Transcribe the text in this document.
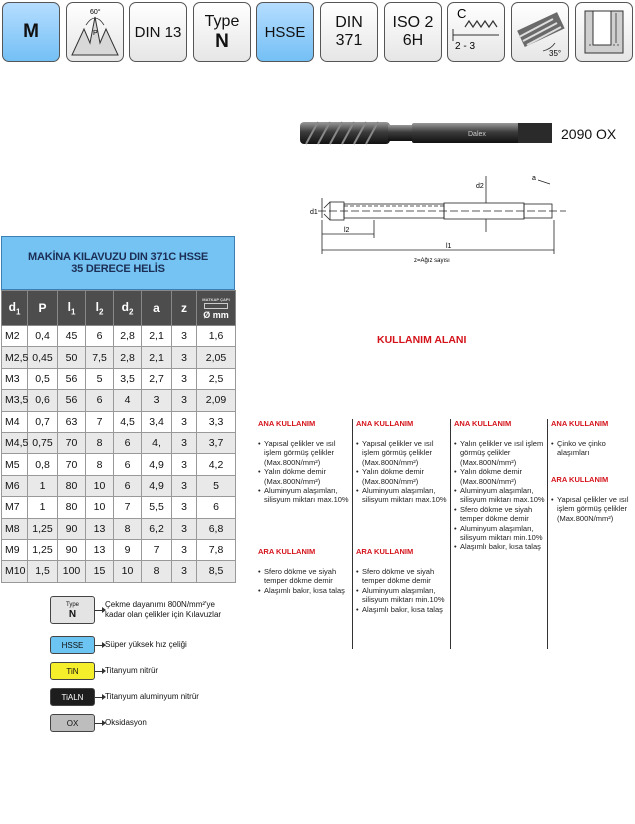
M
60°
P DIN 13
Type
N HSSE
DIN
371
ISO 2
6H
C
2 - 3
35°
Dalex	2090 OX
d1
d2
l2
l1
a
z=Ağız sayısı
MAKİNA KILAVUZU DIN 371C HSSE
35 DERECE HELİS
$d_1$	P	$l_1$	$l_2$	$d_2$	a	z	MATKAP ÇAPI
Ø mm

M2	0,4	45	6	2,8	2,1	3	1,6
M2,5	0,45	50	7,5	2,8	2,1	3	2,05
M3	0,5	56	5	3,5	2,7	3	2,5
M3,5	0,6	56	6	4	3	3	2,09
M4	0,7	63	7	4,5	3,4	3	3,3
M4,5	0,75	70	8	6	4,	3	3,7
M5	0,8	70	8	6	4,9	3	4,2
M6	1	80	10	6	4,9	3	5
M7	1	80	10	7	5,5	3	6
M8	1,25	90	13	8	6,2	3	6,8
M9	1,25	90	13	9	7	3	7,8
M10	1,5	100	15	10	8	3	8,5
Type
N
Çekme dayanımı 800N/mm²'ye
kadar olan çelikler için Kılavuzlar
HSSE	Süper yüksek hız çeliği
TiN	Titanyum nitrür
TiALN	Titanyum aluminyum nitrür
OX	Oksidasyon
KULLANIM ALANI
ANA KULLANIM
• Yapısal çelikler ve ısıl işlem görmüş çelikler (Max.800N/mm²)
• Yalın dökme demir (Max.800N/mm²)
• Aluminyum alaşımları, silisyum miktarı max.10%
ARA KULLANIM
• Sfero dökme ve siyah temper dökme demir
• Alaşımlı bakır, kısa talaş
ANA KULLANIM
• Yapısal çelikler ve ısıl işlem görmüş çelikler (Max.800N/mm²)
• Yalın dökme demir (Max.800N/mm²)
• Aluminyum alaşımları, silisyum miktarı max.10%
ARA KULLANIM
• Sfero dökme ve siyah temper dökme demir
• Aluminyum alaşımları, silisyum miktarı min.10%
• Alaşımlı bakır, kısa talaş
ANA KULLANIM
• Yalın çelikler ve ısıl işlem görmüş çelikler (Max.800N/mm²)
• Yalın dökme demir (Max.800N/mm²)
• Aluminyum alaşımları, silisyum miktarı max.10%
• Sfero dökme ve siyah temper dökme demir
• Aluminyum alaşımları, silisyum miktarı min.10%
• Alaşımlı bakır, kısa talaş
ANA KULLANIM
• Çinko ve çinko alaşımları
ARA KULLANIM
• Yapısal çelikler ve ısıl işlem görmüş çelikler (Max.800N/mm²)
